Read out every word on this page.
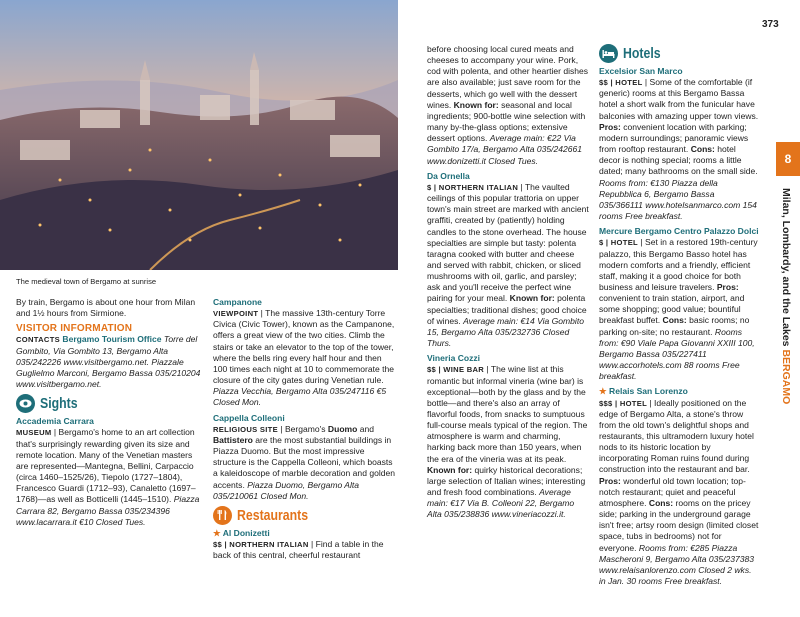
The medieval town of Bergamo at sunrise
373
8
Milan, Lombardy, and the Lakes BERGAMO

By train, Bergamo is about one hour from Milan and 1½ hours from Sirmione.

VISITOR INFORMATION

CONTACTS Bergamo Tourism Office Torre del Gombito, Via Gombito 13, Bergamo Alta 035/242226 www.visitbergamo.net. Piazzale Guglielmo Marconi, Bergamo Bassa 035/210204 www.visitbergamo.net.

Sights

Accademia Carrara
MUSEUM | Bergamo's home to an art collection that's surprisingly rewarding given its size and remote location. Many of the Venetian masters are represented—Mantegna, Bellini, Carpaccio (circa 1460–1525/26), Tiepolo (1727–1804), Francesco Guardi (1712–93), Canaletto (1697–1768)—as well as Botticelli (1445–1510). Piazza Carrara 82, Bergamo Bassa 035/234396 www.lacarrara.it €10 Closed Tues.

Campanone
VIEWPOINT | The massive 13th-century Torre Civica (Civic Tower), known as the Campanone, offers a great view of the two cities. Climb the stairs or take an elevator to the top of the tower, where the bells ring every half hour and then 100 times each night at 10 to commemorate the closure of the city gates during Venetian rule. Piazza Vecchia, Bergamo Alta 035/247116 €5 Closed Mon.

Cappella Colleoni
RELIGIOUS SITE | Bergamo's Duomo and Battistero are the most substantial buildings in Piazza Duomo. But the most impressive structure is the Cappella Colleoni, which boasts a kaleidoscope of marble decoration and golden accents. Piazza Duomo, Bergamo Alta 035/210061 Closed Mon.

Restaurants

★ Al Donizetti
$$ | NORTHERN ITALIAN | Find a table in the back of this central, cheerful restaurant

before choosing local cured meats and cheeses to accompany your wine. Pork, cod with polenta, and other heartier dishes are also available; just save room for the desserts, which go well with the dessert wines. Known for: seasonal and local ingredients; 900-bottle wine selection with many by-the-glass options; extensive dessert options. Average main: €22 Via Gombito 17/a, Bergamo Alta 035/242661 www.donizetti.it Closed Tues.

Da Ornella
$ | NORTHERN ITALIAN | The vaulted ceilings of this popular trattoria on upper town's main street are marked with ancient graffiti, created by (patiently) holding candles to the stone overhead. The house specialties are simple but tasty: polenta taragna cooked with butter and cheese and served with rabbit, chicken, or sliced mushrooms with oil, garlic, and parsley; ask and you'll receive the perfect wine pairing for your meal. Known for: polenta specialties; traditional dishes; good choice of wines. Average main: €14 Via Gombito 15, Bergamo Alta 035/232736 Closed Thurs.

Vineria Cozzi
$$ | WINE BAR | The wine list at this romantic but informal vineria (wine bar) is exceptional—both by the glass and by the bottle—and there's also an array of flavorful foods, from snacks to sumptuous full-course meals typical of the region. The atmosphere is warm and charming, harking back more than 150 years, when the era of the vineria was at its peak. Known for: quirky historical decorations; large selection of Italian wines; interesting and fresh food combinations. Average main: €17 Via B. Colleoni 22, Bergamo Alta 035/238836 www.vineriacozzi.it.

Hotels

Excelsior San Marco
$$ | HOTEL | Some of the comfortable (if generic) rooms at this Bergamo Bassa hotel a short walk from the funicular have balconies with amazing upper town views. Pros: convenient location with parking; modern surroundings; panoramic views from rooftop restaurant. Cons: hotel decor is nothing special; rooms a little dated; many bathrooms on the small side. Rooms from: €130 Piazza della Repubblica 6, Bergamo Bassa 035/366111 www.hotelsanmarco.com 154 rooms Free breakfast.

Mercure Bergamo Centro Palazzo Dolci
$ | HOTEL | Set in a restored 19th-century palazzo, this Bergamo Basso hotel has modern comforts and a friendly, efficient staff, making it a good choice for both business and leisure travelers. Pros: convenient to train station, airport, and some shopping; good value; bountiful breakfast buffet. Cons: basic rooms; no parking on-site; no restaurant. Rooms from: €90 Viale Papa Giovanni XXIII 100, Bergamo Bassa 035/227411 www.accorhotels.com 88 rooms Free breakfast.

★ Relais San Lorenzo
$$$ | HOTEL | Ideally positioned on the edge of Bergamo Alta, a stone's throw from the old town's delightful shops and restaurants, this ultramodern luxury hotel nods to its historic location by incorporating Roman ruins found during construction into the restaurant and bar. Pros: wonderful old town location; top-notch restaurant; quiet and peaceful atmosphere. Cons: rooms on the pricey side; parking in the underground garage isn't free; artsy room design (limited closet space, tubs in bedrooms) not for everyone. Rooms from: €285 Piazza Mascheroni 9, Bergamo Alta 035/237383 www.relaisanlorenzo.com Closed 2 wks. in Jan. 30 rooms Free breakfast.
